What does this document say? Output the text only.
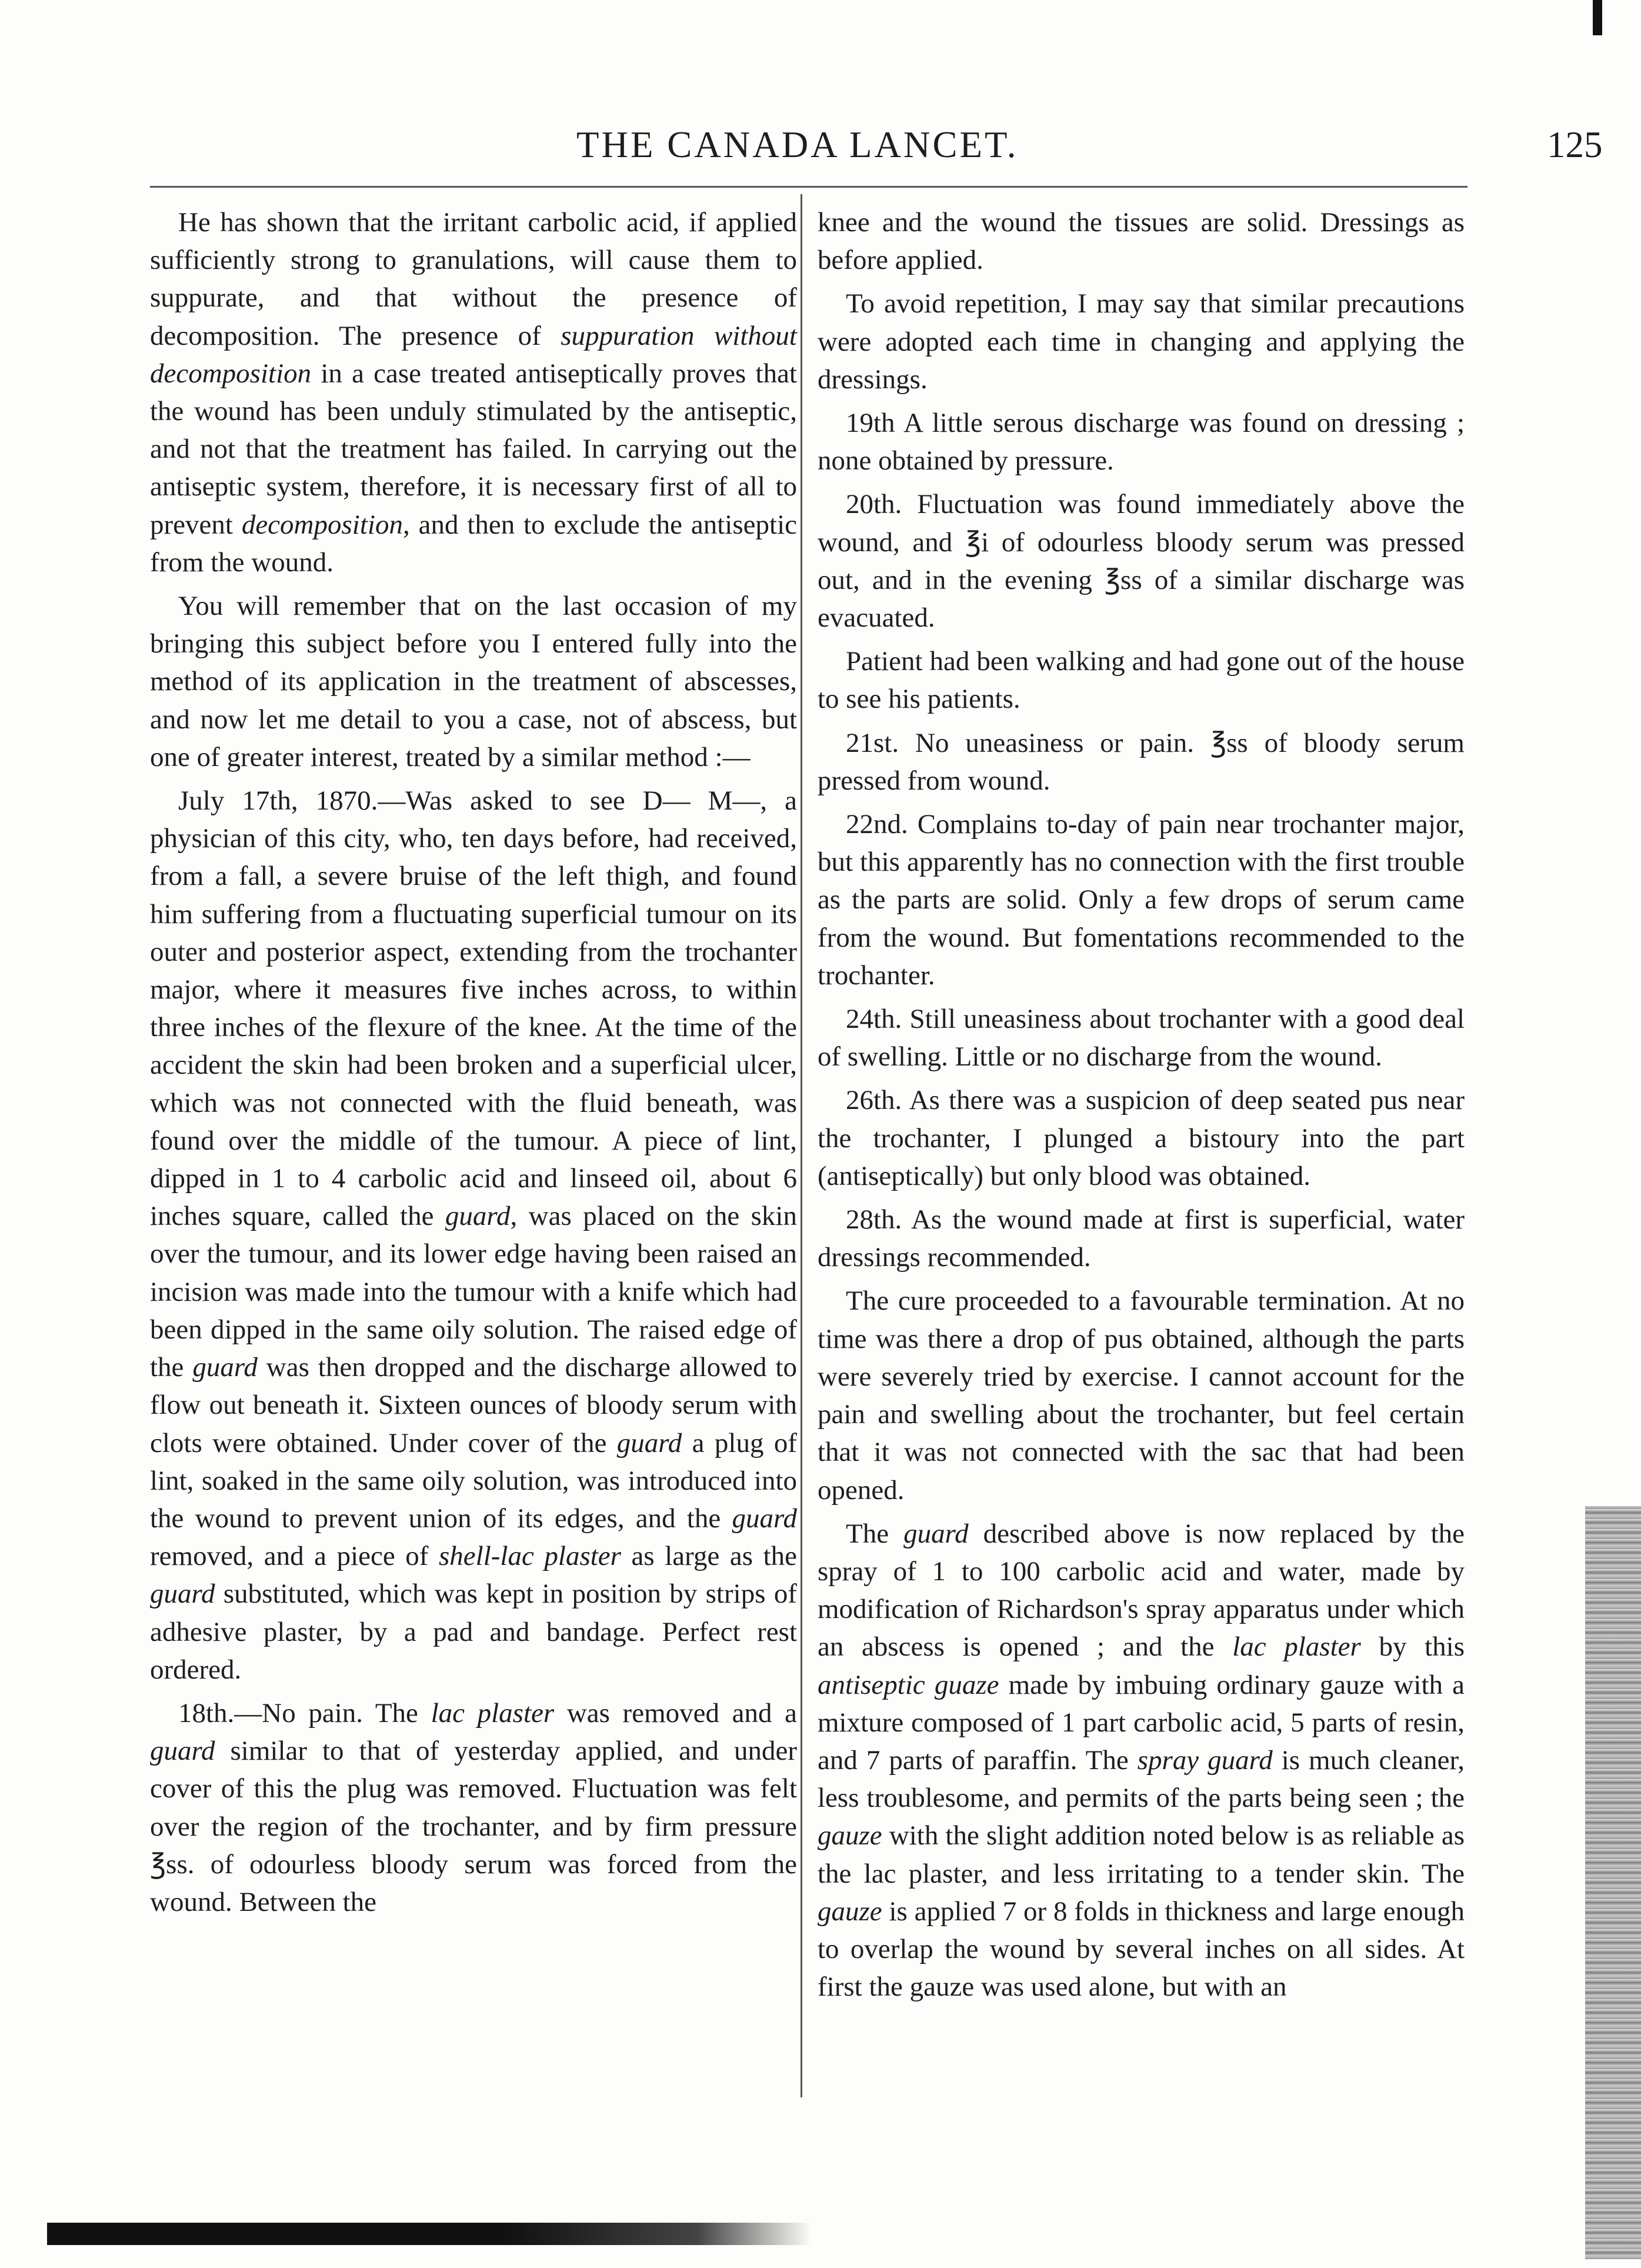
THE CANADA LANCET.	125

He has shown that the irritant carbolic acid, if applied sufficiently strong to granulations, will cause them to suppurate, and that without the presence of decomposition. The presence of suppuration without decomposition in a case treated antiseptically proves that the wound has been unduly stimulated by the antiseptic, and not that the treatment has failed. In carrying out the antiseptic system, therefore, it is necessary first of all to prevent decomposition, and then to exclude the antiseptic from the wound.

You will remember that on the last occasion of my bringing this subject before you I entered fully into the method of its application in the treatment of abscesses, and now let me detail to you a case, not of abscess, but one of greater interest, treated by a similar method :—

July 17th, 1870.—Was asked to see D— M—, a physician of this city, who, ten days before, had received, from a fall, a severe bruise of the left thigh, and found him suffering from a fluctuating superficial tumour on its outer and posterior aspect, extending from the trochanter major, where it measures five inches across, to within three inches of the flexure of the knee. At the time of the accident the skin had been broken and a superficial ulcer, which was not connected with the fluid beneath, was found over the middle of the tumour. A piece of lint, dipped in 1 to 4 carbolic acid and linseed oil, about 6 inches square, called the guard, was placed on the skin over the tumour, and its lower edge having been raised an incision was made into the tumour with a knife which had been dipped in the same oily solution. The raised edge of the guard was then dropped and the discharge allowed to flow out beneath it. Sixteen ounces of bloody serum with clots were obtained. Under cover of the guard a plug of lint, soaked in the same oily solution, was introduced into the wound to prevent union of its edges, and the guard removed, and a piece of shell-lac plaster as large as the guard substituted, which was kept in position by strips of adhesive plaster, by a pad and bandage. Perfect rest ordered.

18th.—No pain. The lac plaster was removed and a guard similar to that of yesterday applied, and under cover of this the plug was removed. Fluctuation was felt over the region of the trochanter, and by firm pressure ℥ss. of odourless bloody serum was forced from the wound. Between the

knee and the wound the tissues are solid. Dressings as before applied.

To avoid repetition, I may say that similar precautions were adopted each time in changing and applying the dressings.

19th A little serous discharge was found on dressing ; none obtained by pressure.

20th. Fluctuation was found immediately above the wound, and ℥i of odourless bloody serum was pressed out, and in the evening ℥ss of a similar discharge was evacuated.

Patient had been walking and had gone out of the house to see his patients.

21st. No uneasiness or pain. ℥ss of bloody serum pressed from wound.

22nd. Complains to-day of pain near trochanter major, but this apparently has no connection with the first trouble as the parts are solid. Only a few drops of serum came from the wound. But fomentations recommended to the trochanter.

24th. Still uneasiness about trochanter with a good deal of swelling. Little or no discharge from the wound.

26th. As there was a suspicion of deep seated pus near the trochanter, I plunged a bistoury into the part (antiseptically) but only blood was obtained.

28th. As the wound made at first is superficial, water dressings recommended.

The cure proceeded to a favourable termination. At no time was there a drop of pus obtained, although the parts were severely tried by exercise. I cannot account for the pain and swelling about the trochanter, but feel certain that it was not connected with the sac that had been opened.

The guard described above is now replaced by the spray of 1 to 100 carbolic acid and water, made by modification of Richardson's spray apparatus under which an abscess is opened ; and the lac plaster by this antiseptic guaze made by imbuing ordinary gauze with a mixture composed of 1 part carbolic acid, 5 parts of resin, and 7 parts of paraffin. The spray guard is much cleaner, less troublesome, and permits of the parts being seen ; the gauze with the slight addition noted below is as reliable as the lac plaster, and less irritating to a tender skin. The gauze is applied 7 or 8 folds in thickness and large enough to overlap the wound by several inches on all sides. At first the gauze was used alone, but with an
